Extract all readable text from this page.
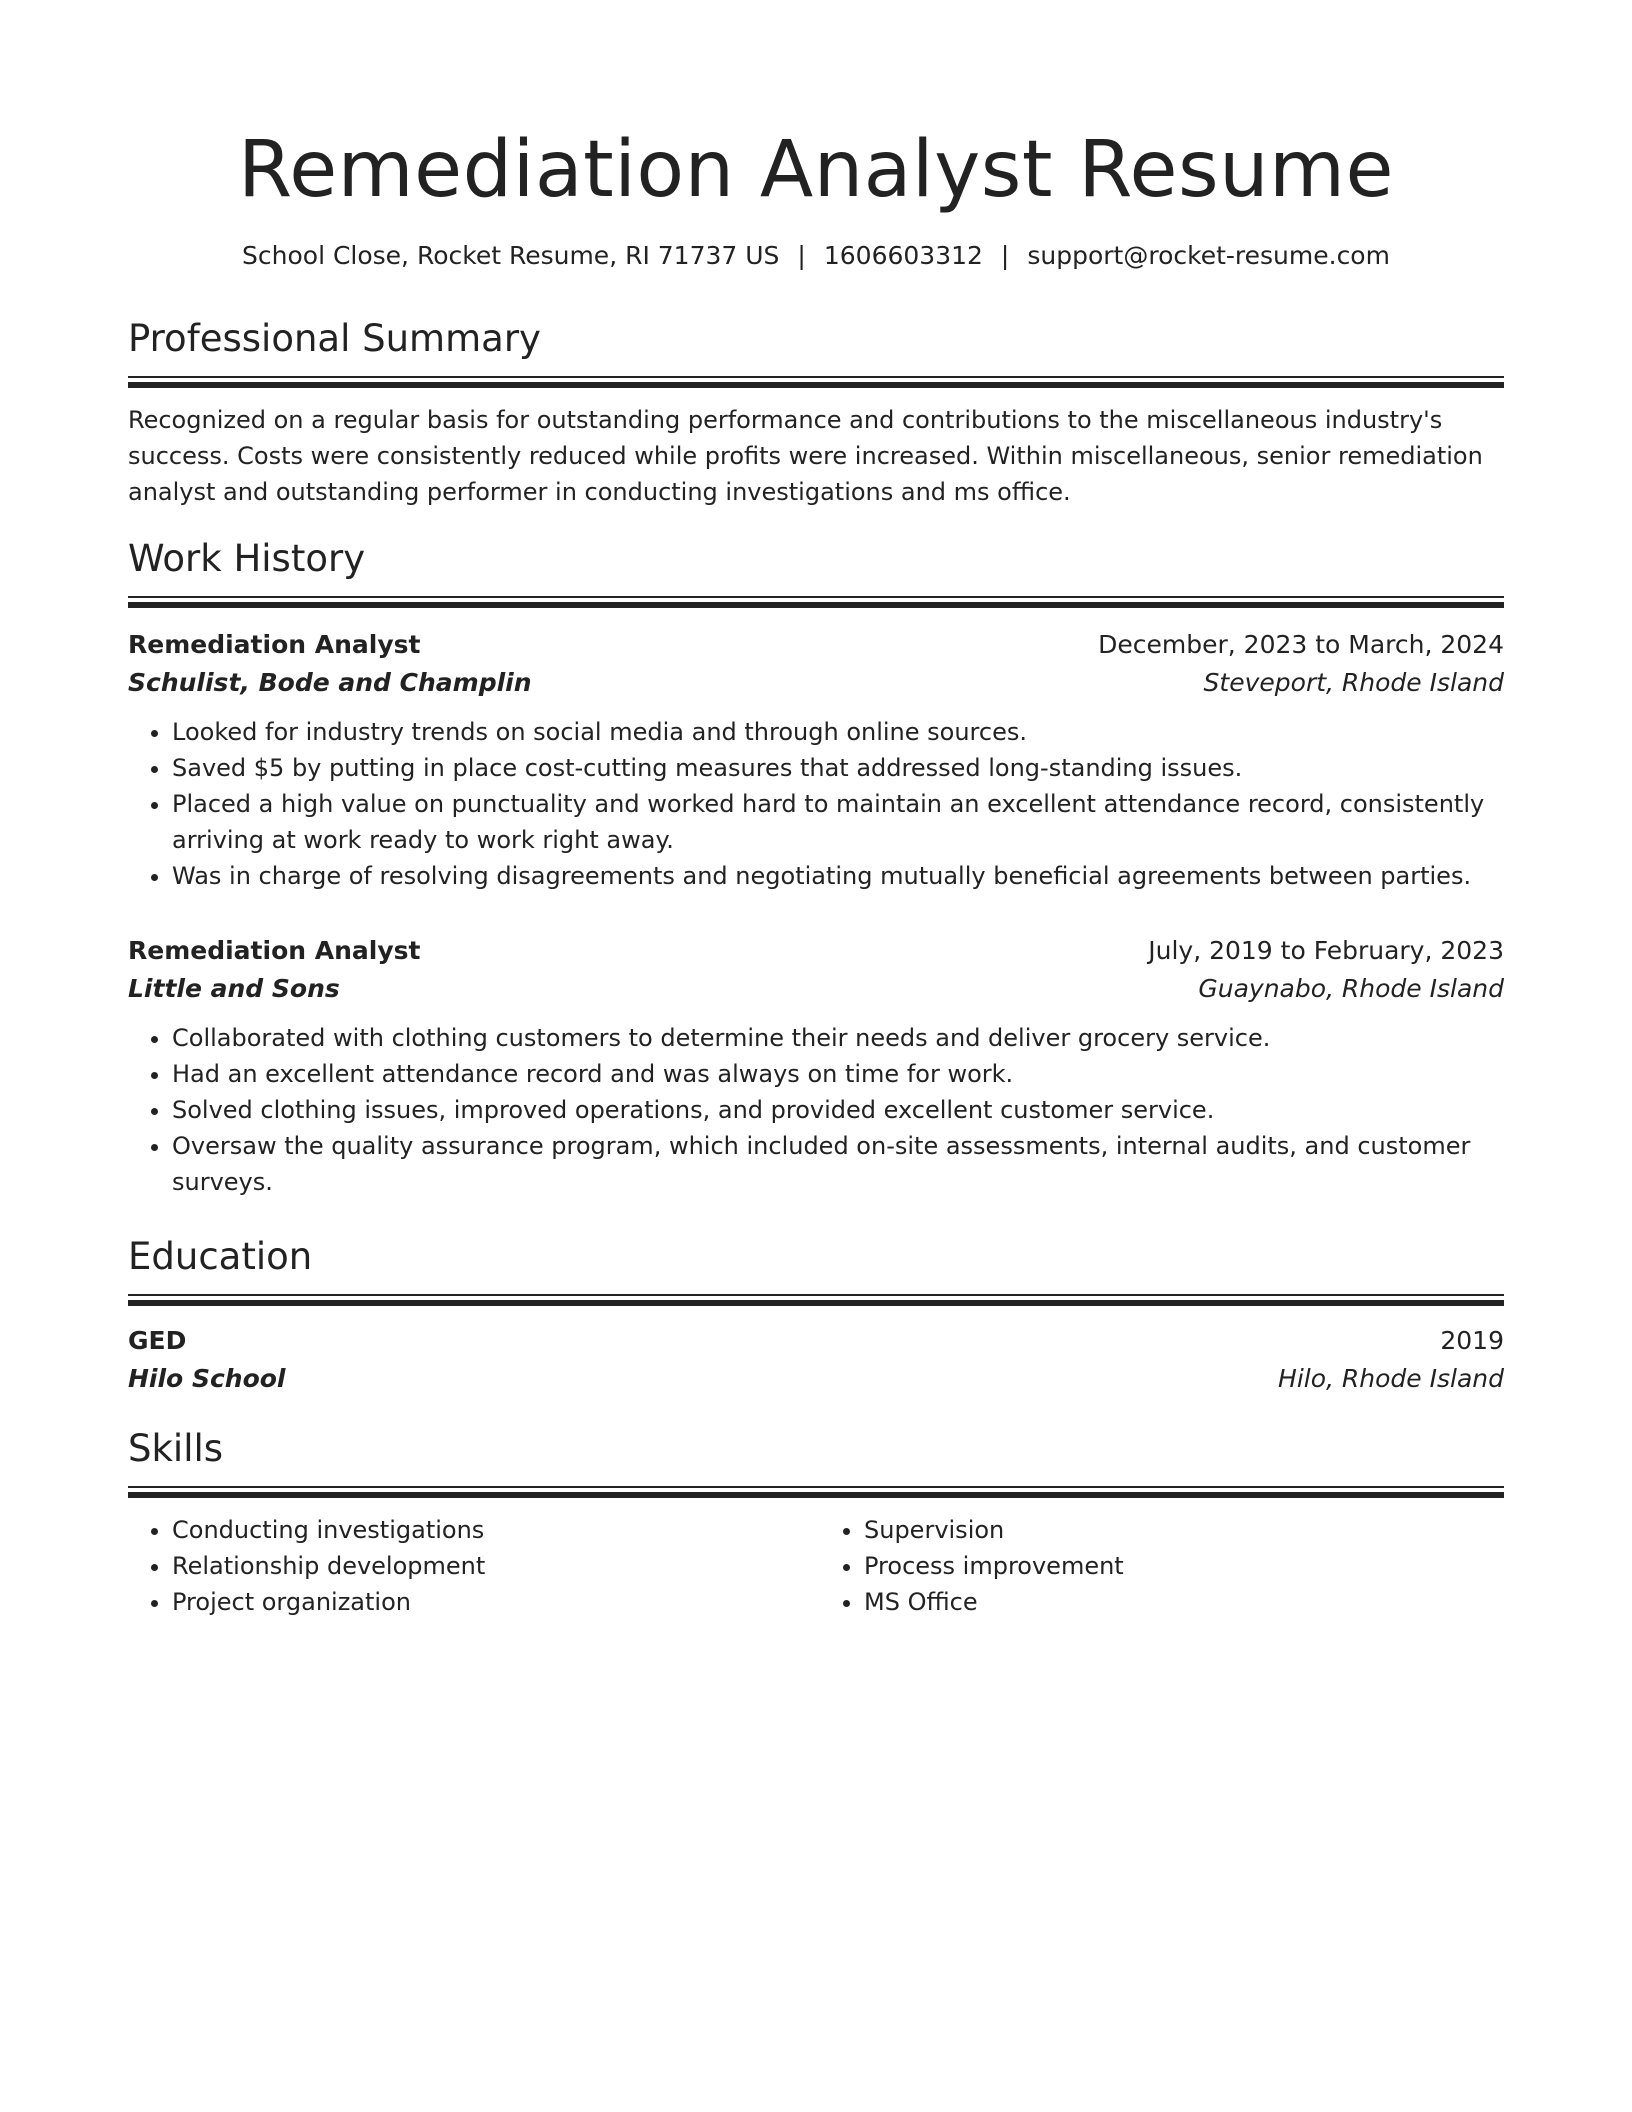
Remediation Analyst Resume
School Close, Rocket Resume, RI 71737 US | 1606603312 | support@rocket-resume.com
Professional Summary
Recognized on a regular basis for outstanding performance and contributions to the miscellaneous industry's success. Costs were consistently reduced while profits were increased. Within miscellaneous, senior remediation analyst and outstanding performer in conducting investigations and ms office.
Work History
Remediation Analyst	December, 2023 to March, 2024
Schulist, Bode and Champlin	Steveport, Rhode Island
• Looked for industry trends on social media and through online sources.
• Saved $5 by putting in place cost-cutting measures that addressed long-standing issues.
• Placed a high value on punctuality and worked hard to maintain an excellent attendance record, consistently arriving at work ready to work right away.
• Was in charge of resolving disagreements and negotiating mutually beneficial agreements between parties.
Remediation Analyst	July, 2019 to February, 2023
Little and Sons	Guaynabo, Rhode Island
• Collaborated with clothing customers to determine their needs and deliver grocery service.
• Had an excellent attendance record and was always on time for work.
• Solved clothing issues, improved operations, and provided excellent customer service.
• Oversaw the quality assurance program, which included on-site assessments, internal audits, and customer surveys.
Education
GED	2019
Hilo School	Hilo, Rhode Island
Skills
• Conducting investigations
• Relationship development
• Project organization
• Supervision
• Process improvement
• MS Office
